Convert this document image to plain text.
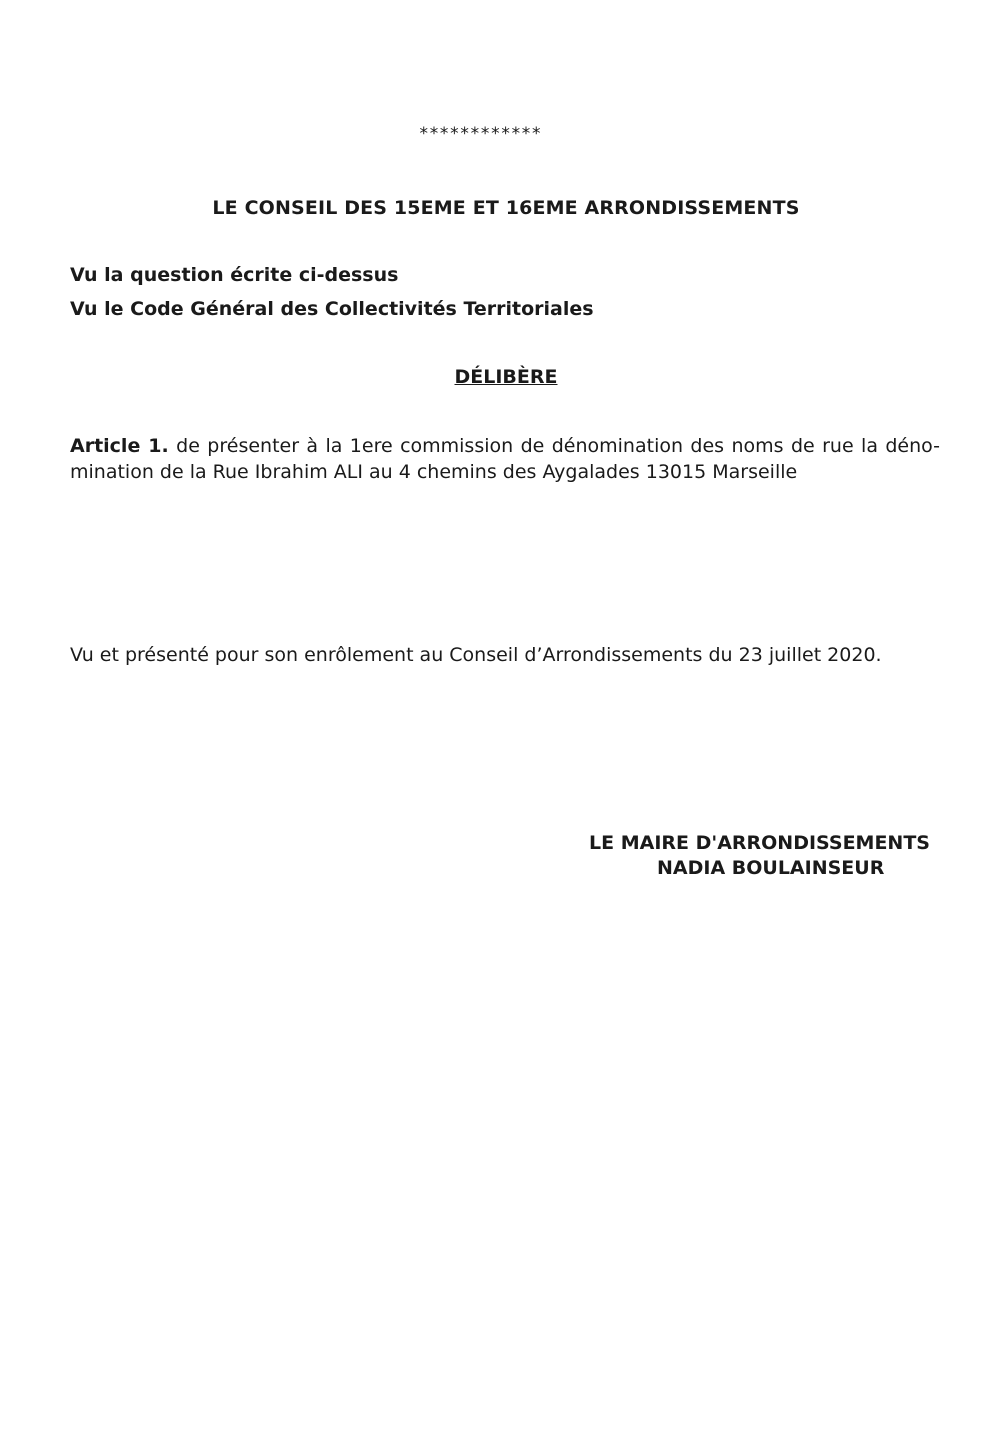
************
LE CONSEIL DES 15EME ET 16EME ARRONDISSEMENTS
Vu la question écrite ci-dessus
Vu le Code Général des Collectivités Territoriales
DÉLIBÈRE
Article 1. de présenter à la 1ere commission de dénomination des noms de rue la déno-
mination de la Rue Ibrahim ALI au 4 chemins des Aygalades 13015 Marseille
Vu et présenté pour son enrôlement au Conseil d’Arrondissements du 23 juillet 2020.
LE MAIRE D'ARRONDISSEMENTS
NADIA BOULAINSEUR
